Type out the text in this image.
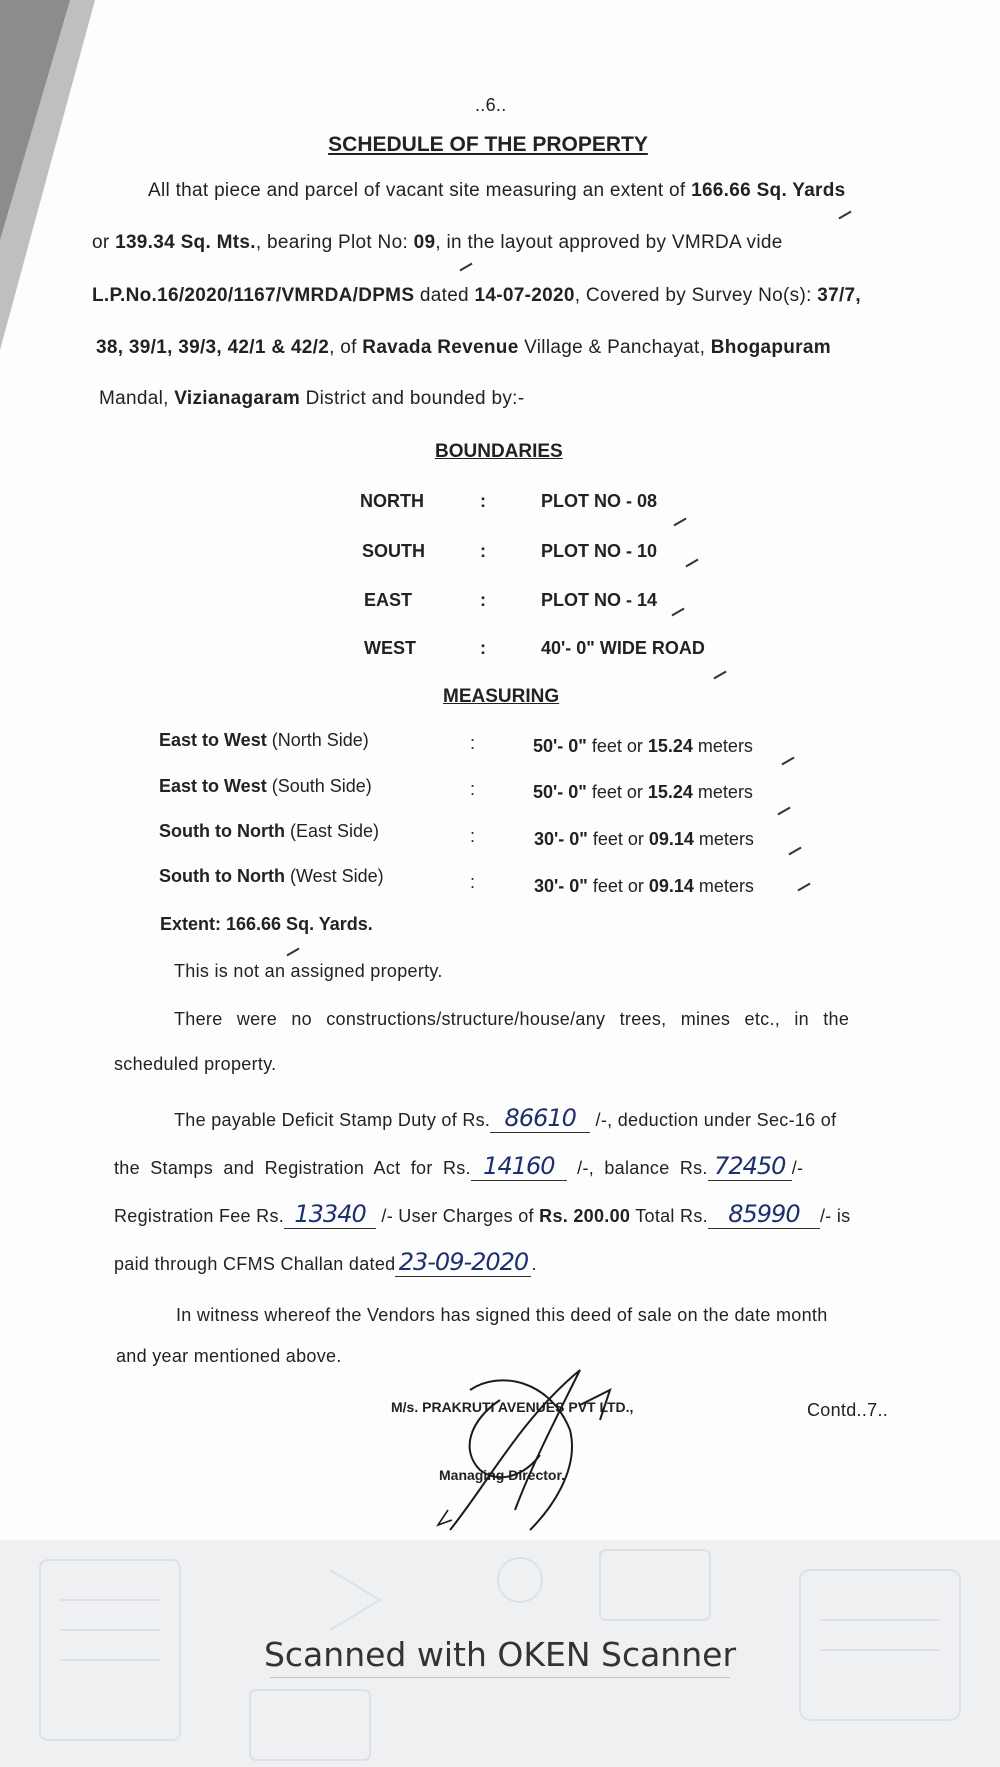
..6..
SCHEDULE OF THE PROPERTY
All that piece and parcel of vacant site measuring an extent of 166.66 Sq. Yards
or 139.34 Sq. Mts., bearing Plot No: 09, in the layout approved by VMRDA vide
L.P.No.16/2020/1167/VMRDA/DPMS dated 14-07-2020, Covered by Survey No(s): 37/7,
38, 39/1, 39/3, 42/1 & 42/2, of Ravada Revenue Village & Panchayat, Bhogapuram
Mandal, Vizianagaram District and bounded by:-
BOUNDARIES
NORTH	:	PLOT NO - 08
SOUTH	:	PLOT NO - 10
EAST	:	PLOT NO - 14
WEST	:	40'- 0" WIDE ROAD
MEASURING
East to West (North Side)	:	50'- 0" feet or 15.24 meters
East to West (South Side)	:	50'- 0" feet or 15.24 meters
South to North (East Side)	:	30'- 0" feet or 09.14 meters
South to North (West Side)	:	30'- 0" feet or 09.14 meters
Extent: 166.66 Sq. Yards.
This is not an assigned property.
There were no constructions/structure/house/any trees, mines etc., in the
scheduled property.
The payable Deficit Stamp Duty of Rs. 86610 /-, deduction under Sec-16 of
the Stamps and Registration Act for Rs. 14160 /-, balance Rs. 72450 /-
Registration Fee Rs. 13340 /- User Charges of Rs. 200.00 Total Rs. 85990 /- is
paid through CFMS Challan dated 23-09-2020 .
In witness whereof the Vendors has signed this deed of sale on the date month
and year mentioned above.
M/s. PRAKRUTI AVENUES PVT LTD.,
Managing Director.
Contd..7..
Scanned with OKEN Scanner
